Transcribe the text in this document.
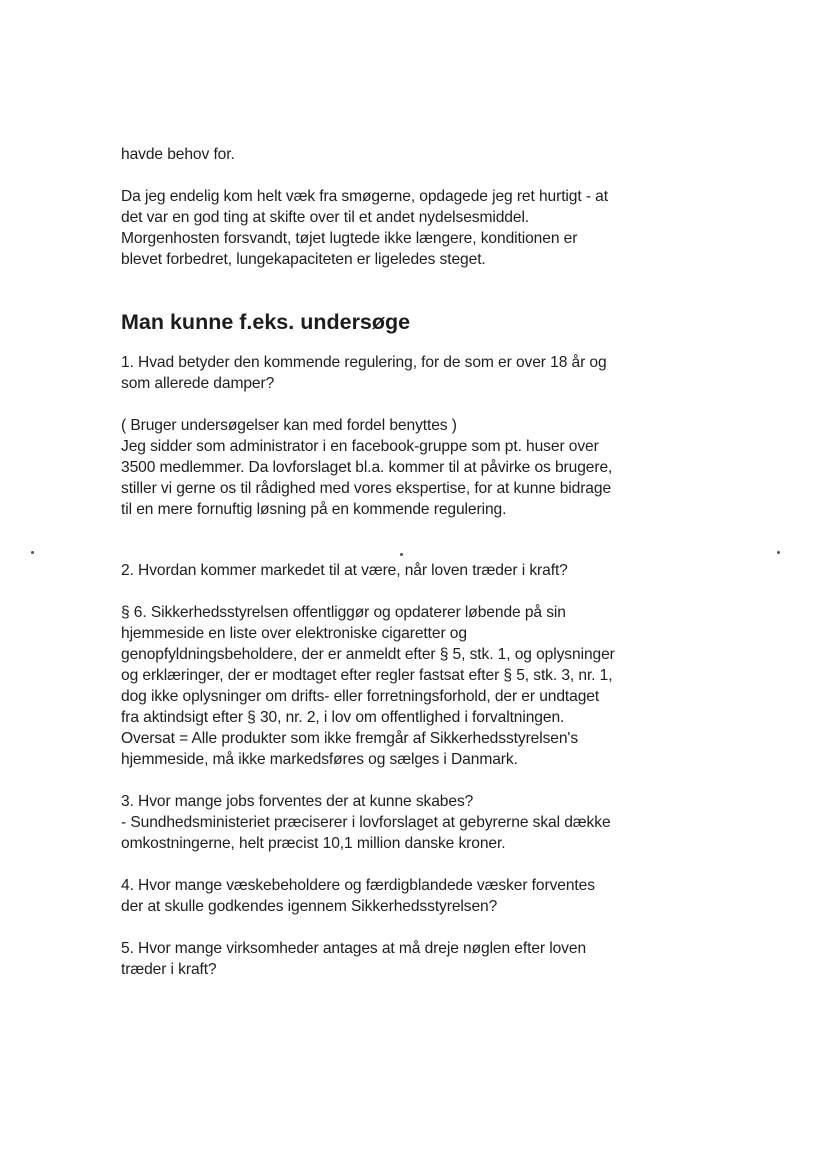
havde behov for.

Da jeg endelig kom helt væk fra smøgerne, opdagede jeg ret hurtigt - at
det var en god ting at skifte over til et andet nydelsesmiddel.
Morgenhosten forsvandt, tøjet lugtede ikke længere, konditionen er
blevet forbedret, lungekapaciteten er ligeledes steget.

Man kunne f.eks. undersøge

1. Hvad betyder den kommende regulering, for de som er over 18 år og
som allerede damper?

( Bruger undersøgelser kan med fordel benyttes )
Jeg sidder som administrator i en facebook-gruppe som pt. huser over
3500 medlemmer. Da lovforslaget bl.a. kommer til at påvirke os brugere,
stiller vi gerne os til rådighed med vores ekspertise, for at kunne bidrage
til en mere fornuftig løsning på en kommende regulering.

2. Hvordan kommer markedet til at være, når loven træder i kraft?

§ 6. Sikkerhedsstyrelsen offentliggør og opdaterer løbende på sin
hjemmeside en liste over elektroniske cigaretter og
genopfyldningsbeholdere, der er anmeldt efter § 5, stk. 1, og oplysninger
og erklæringer, der er modtaget efter regler fastsat efter § 5, stk. 3, nr. 1,
dog ikke oplysninger om drifts- eller forretningsforhold, der er undtaget
fra aktindsigt efter § 30, nr. 2, i lov om offentlighed i forvaltningen.
Oversat = Alle produkter som ikke fremgår af Sikkerhedsstyrelsen's
hjemmeside, må ikke markedsføres og sælges i Danmark.

3. Hvor mange jobs forventes der at kunne skabes?
- Sundhedsministeriet præciserer i lovforslaget at gebyrerne skal dække
omkostningerne, helt præcist 10,1 million danske kroner.

4. Hvor mange væskebeholdere og færdigblandede væsker forventes
der at skulle godkendes igennem Sikkerhedsstyrelsen?

5. Hvor mange virksomheder antages at må dreje nøglen efter loven
træder i kraft?
